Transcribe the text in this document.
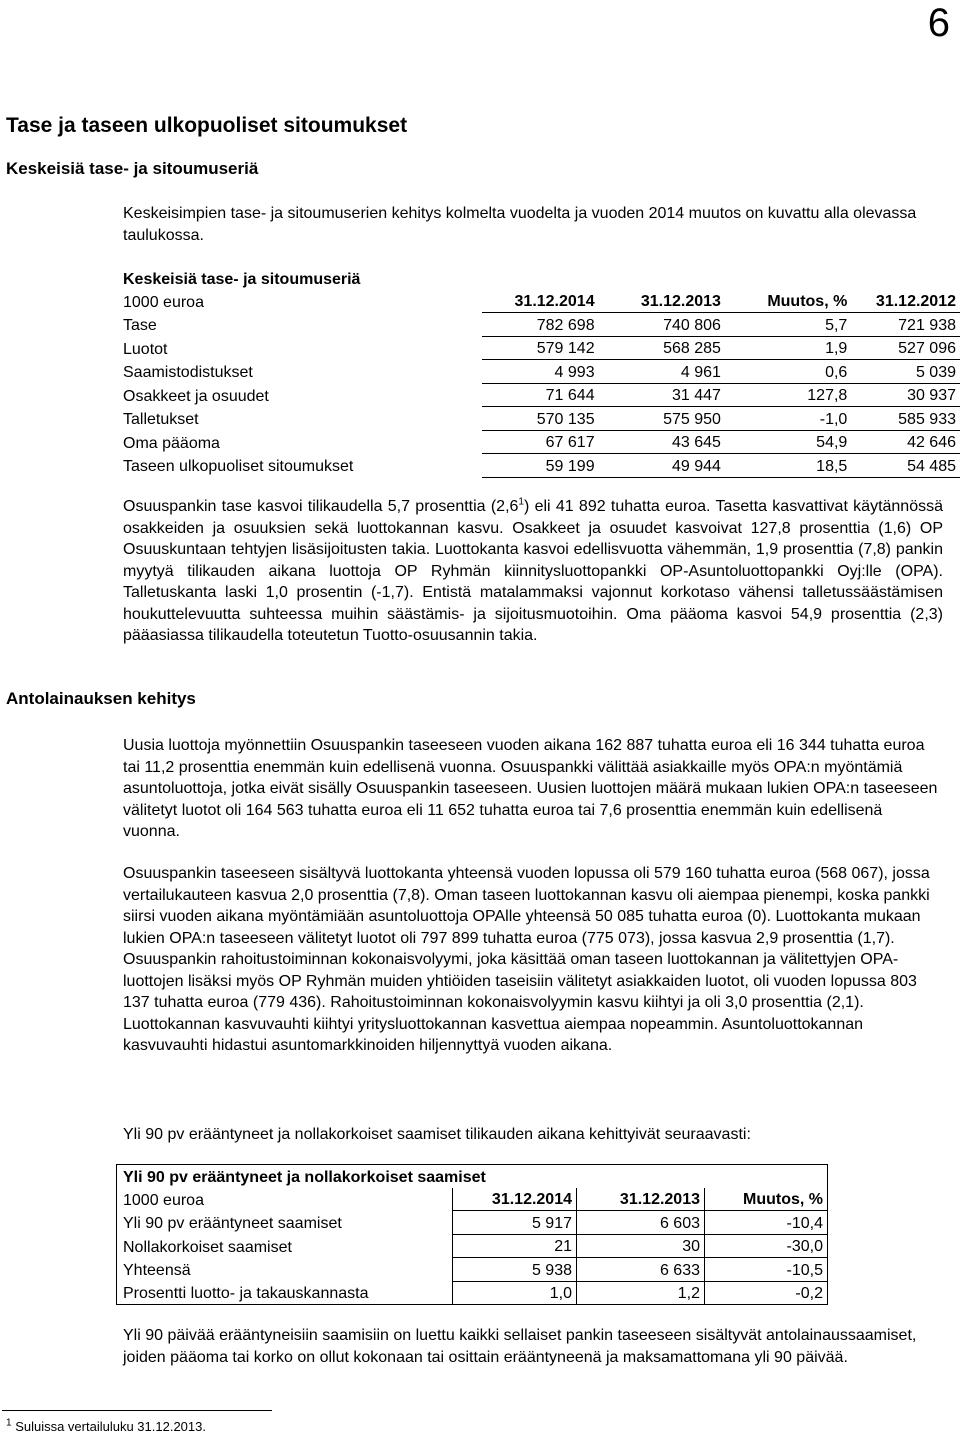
6
Tase ja taseen ulkopuoliset sitoumukset
Keskeisiä tase- ja sitoumuseriä
Keskeisimpien tase- ja sitoumuserien kehitys kolmelta vuodelta ja vuoden 2014 muutos on kuvattu alla olevassa taulukossa.
Keskeisiä tase- ja sitoumuseriä				
1000 euroa	31.12.2014	31.12.2013	Muutos, %	31.12.2012
Tase	782 698	740 806	5,7	721 938
Luotot	579 142	568 285	1,9	527 096
Saamistodistukset	4 993	4 961	0,6	5 039
Osakkeet ja osuudet	71 644	31 447	127,8	30 937
Talletukset	570 135	575 950	-1,0	585 933
Oma pääoma	67 617	43 645	54,9	42 646
Taseen ulkopuoliset sitoumukset	59 199	49 944	18,5	54 485
Osuuspankin tase kasvoi tilikaudella 5,7 prosenttia $(2,6^1)$ eli 41 892 tuhatta euroa. Tasetta kasvattivat käytännössä osakkeiden ja osuuksien sekä luottokannan kasvu. Osakkeet ja osuudet kasvoivat 127,8 prosenttia (1,6) OP Osuuskuntaan tehtyjen lisäsijoitusten takia. Luottokanta kasvoi edellisvuotta vähemmän, 1,9 prosenttia (7,8) pankin myytyä tilikauden aikana luottoja OP Ryhmän kiinnitysluottopankki OP-Asuntoluottopankki Oyj:lle (OPA). Talletuskanta laski 1,0 prosentin (-1,7). Entistä matalammaksi vajonnut korkotaso vähensi talletussäästämisen houkuttelevuutta suhteessa muihin säästämis- ja sijoitusmuotoihin. Oma pääoma kasvoi 54,9 prosenttia (2,3) pääasiassa tilikaudella toteutetun Tuotto-osuusannin takia.
Antolainauksen kehitys
Uusia luottoja myönnettiin Osuuspankin taseeseen vuoden aikana 162 887 tuhatta euroa eli 16 344 tuhatta euroa tai 11,2 prosenttia enemmän kuin edellisenä vuonna. Osuuspankki välittää asiakkaille myös OPA:n myöntämiä asuntoluottoja, jotka eivät sisälly Osuuspankin taseeseen. Uusien luottojen määrä mukaan lukien OPA:n taseeseen välitetyt luotot oli 164 563 tuhatta euroa eli 11 652 tuhatta euroa tai 7,6 prosenttia enemmän kuin edellisenä vuonna.
Osuuspankin taseeseen sisältyvä luottokanta yhteensä vuoden lopussa oli 579 160 tuhatta euroa (568 067), jossa vertailukauteen kasvua 2,0 prosenttia (7,8). Oman taseen luottokannan kasvu oli aiempaa pienempi, koska pankki siirsi vuoden aikana myöntämiään asuntoluottoja OPAlle yhteensä 50 085 tuhatta euroa (0). Luottokanta mukaan lukien OPA:n taseeseen välitetyt luotot oli 797 899 tuhatta euroa (775 073), jossa kasvua 2,9 prosenttia (1,7). Osuuspankin rahoitustoiminnan kokonaisvolyymi, joka käsittää oman taseen luottokannan ja välitettyjen OPA-luottojen lisäksi myös OP Ryhmän muiden yhtiöiden taseisiin välitetyt asiakkaiden luotot, oli vuoden lopussa 803 137 tuhatta euroa (779 436). Rahoitustoiminnan kokonaisvolyymin kasvu kiihtyi ja oli 3,0 prosenttia (2,1). Luottokannan kasvuvauhti kiihtyi yritysluottokannan kasvettua aiempaa nopeammin. Asuntoluottokannan kasvuvauhti hidastui asuntomarkkinoiden hiljennyttyä vuoden aikana.
Yli 90 pv erääntyneet ja nollakorkoiset saamiset tilikauden aikana kehittyivät seuraavasti:
Yli 90 pv erääntyneet ja nollakorkoiset saamiset			
1000 euroa	31.12.2014	31.12.2013	Muutos, %
Yli 90 pv erääntyneet saamiset	5 917	6 603	-10,4
Nollakorkoiset saamiset	21	30	-30,0
Yhteensä	5 938	6 633	-10,5
Prosentti luotto- ja takauskannasta	1,0	1,2	-0,2
Yli 90 päivää erääntyneisiin saamisiin on luettu kaikki sellaiset pankin taseeseen sisältyvät antolainaussaamiset, joiden pääoma tai korko on ollut kokonaan tai osittain erääntyneenä ja maksamattomana yli 90 päivää.
$^1$ Suluissa vertailuluku 31.12.2013.
